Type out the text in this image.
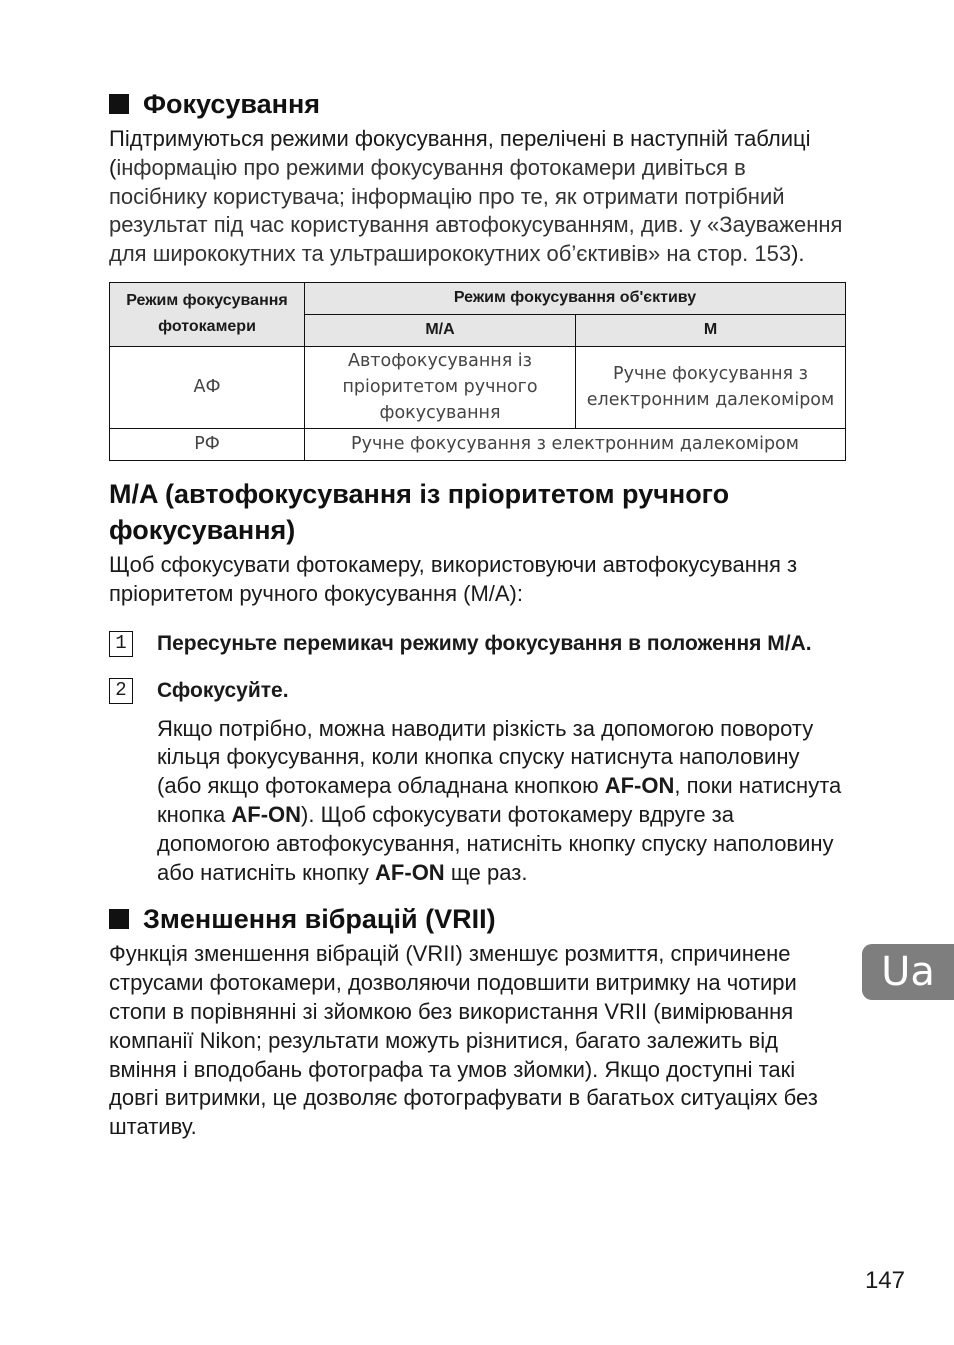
Фокусування

Підтримуються режими фокусування, перелічені в наступній таблиці (інформацію про режими фокусування фотокамери дивіться в посібнику користувача; інформацію про те, як отримати потрібний результат під час користування автофокусуванням, див. у «Зауваження для ширококутних та ультраширококутних об’єктивів» на стор. 153).

Режим фокусування фотокамери	Режим фокусування об'єктиву	
	M/A	M
АФ	Автофокусування із пріоритетом ручного фокусування	Ручне фокусування з електронним далекоміром
РФ	Ручне фокусування з електронним далекоміром	
M/A (автофокусування із пріоритетом ручного фокусування)

Щоб сфокусувати фотокамеру, використовуючи автофокусування з пріоритетом ручного фокусування (M/A):

1 Пересуньте перемикач режиму фокусування в положення M/A.
2 Сфокусуйте.

Якщо потрібно, можна наводити різкість за допомогою повороту кільця фокусування, коли кнопка спуску натиснута наполовину (або якщо фотокамера обладнана кнопкою AF-ON, поки натиснута кнопка AF-ON). Щоб сфокусувати фотокамеру вдруге за допомогою автофокусування, натисніть кнопку спуску наполовину або натисніть кнопку AF-ON ще раз.

Зменшення вібрацій (VRII)

Функція зменшення вібрацій (VRII) зменшує розмиття, спричинене струсами фотокамери, дозволяючи подовшити витримку на чотири стопи в порівнянні зі зйомкою без використання VRII (вимірювання компанії Nikon; результати можуть різнитися, багато залежить від вміння і вподобань фотографа та умов зйомки). Якщо доступні такі довгі витримки, це дозволяє фотографувати в багатьох ситуаціях без штативу.

Ua
147
